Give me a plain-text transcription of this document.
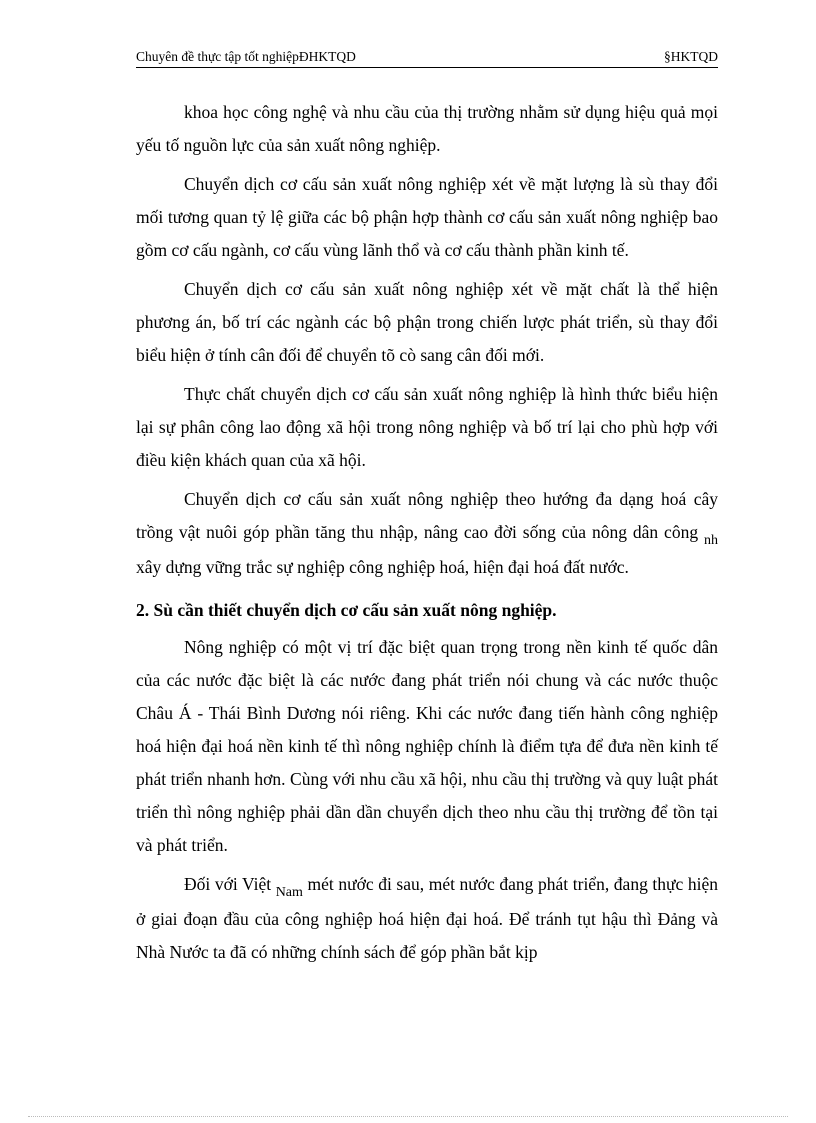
Chuyên đề thực tập tốt nghiệpĐHKTQD	§HKTQD

khoa học công nghệ và nhu cầu của thị trường nhằm sử dụng hiệu quả mọi yếu tố nguồn lực của sản xuất nông nghiệp.

Chuyển dịch cơ cấu sản xuất nông nghiệp xét về mặt lượng là sù thay đổi mối tương quan tỷ lệ giữa các bộ phận hợp thành cơ cấu sản xuất nông nghiệp bao gồm cơ cấu ngành, cơ cấu vùng lãnh thổ và cơ cấu thành phần kinh tế.

Chuyển dịch cơ cấu sản xuất nông nghiệp xét về mặt chất là thể hiện phương án, bố trí các ngành các bộ phận trong chiến lược phát triển, sù thay đổi biểu hiện ở tính cân đối để chuyển tõ cò sang cân đối mới.

Thực chất chuyển dịch cơ cấu sản xuất nông nghiệp là hình thức biểu hiện lại sự phân công lao động xã hội trong nông nghiệp và bố trí lại cho phù hợp với điều kiện khách quan của xã hội.

Chuyển dịch cơ cấu sản xuất nông nghiệp theo hướng đa dạng hoá cây trồng vật nuôi góp phần tăng thu nhập, nâng cao đời sống của nông dân công $_{nh}$ xây dựng vững trắc sự nghiệp công nghiệp hoá, hiện đại hoá đất nước.

2. Sù cần thiết chuyển dịch cơ cấu sản xuất nông nghiệp.

Nông nghiệp có một vị trí đặc biệt quan trọng trong nền kinh tế quốc dân của các nước đặc biệt là các nước đang phát triển nói chung và các nước thuộc Châu Á - Thái Bình Dương nói riêng. Khi các nước đang tiến hành công nghiệp hoá hiện đại hoá nền kinh tế thì nông nghiệp chính là điểm tựa để đưa nền kinh tế phát triển nhanh hơn. Cùng với nhu cầu xã hội, nhu cầu thị trường và quy luật phát triển thì nông nghiệp phải dần dần chuyển dịch theo nhu cầu thị trường để tồn tại và phát triển.

Đối với Việt $_{Nam}$ mét nước đi sau, mét nước đang phát triển, đang thực hiện ở giai đoạn đầu của công nghiệp hoá hiện đại hoá. Để tránh tụt hậu thì Đảng và Nhà Nước ta đã có những chính sách để góp phần bắt kịp
